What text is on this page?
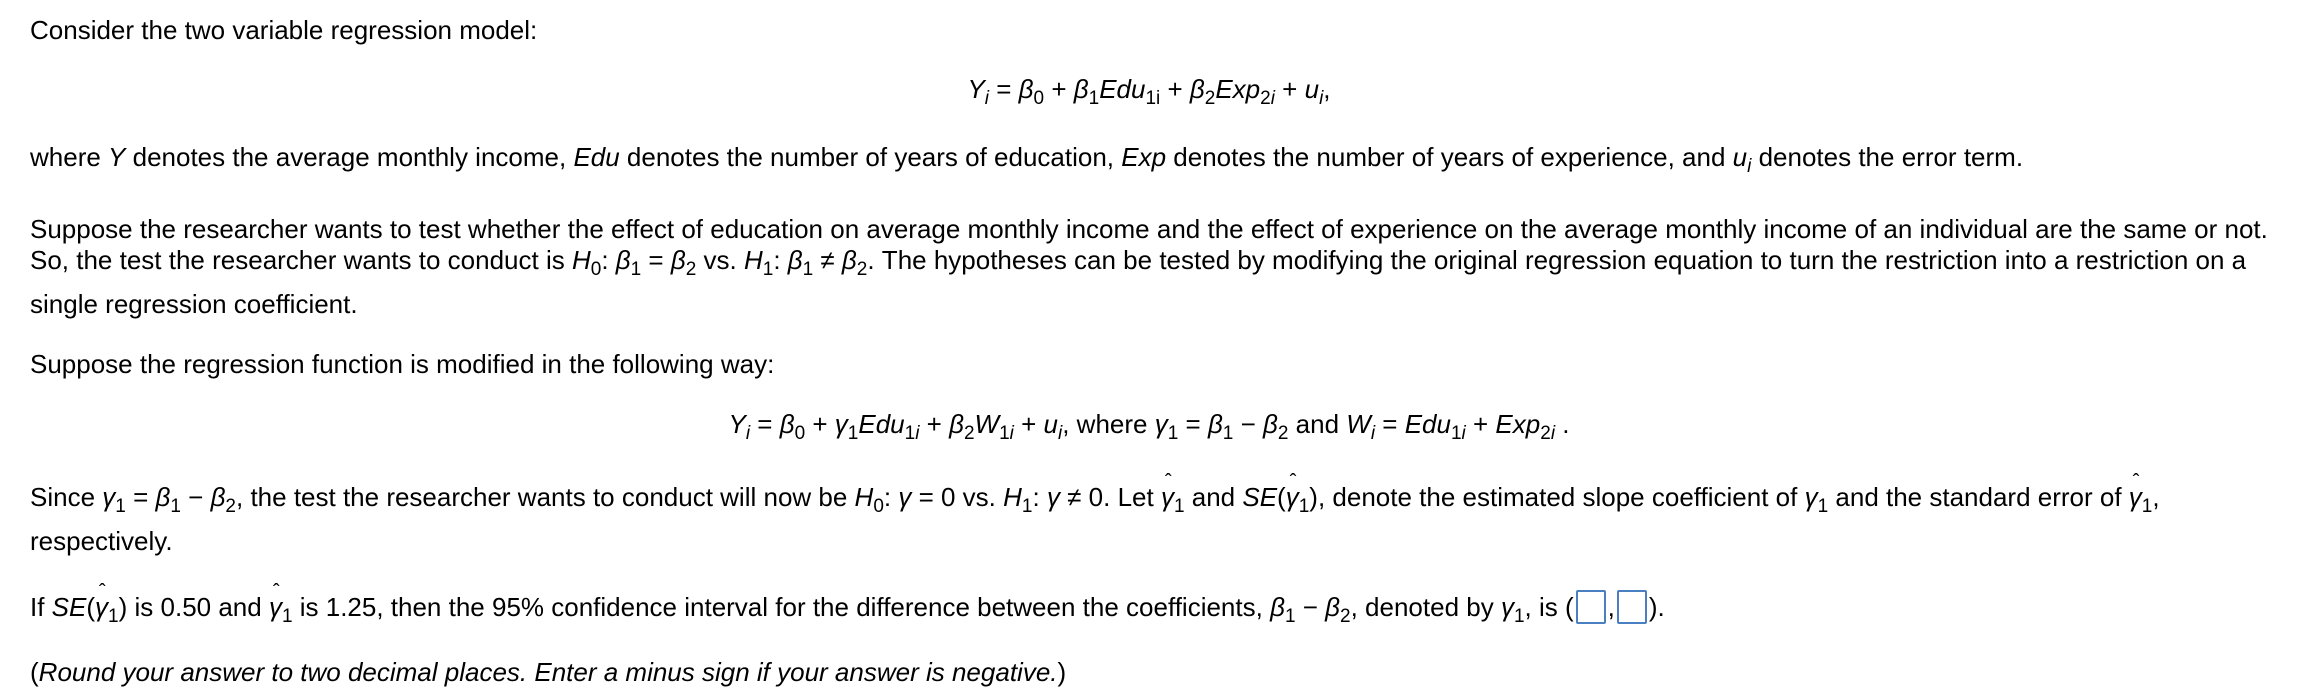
Consider the two variable regression model:
$Y_i = \beta_0 + \beta_1Edu_{1i} + \beta_2Exp_{2i} + u_i$,
where Y denotes the average monthly income, Edu denotes the number of years of education, Exp denotes the number of years of experience, and $u_i$ denotes the error term.
Suppose the researcher wants to test whether the effect of education on average monthly income and the effect of experience on the average monthly income of an individual are the same or not.
So, the test the researcher wants to conduct is $H_0$: $\beta_1 = \beta_2$ vs. $H_1$: $\beta_1 \ne \beta_2$. The hypotheses can be tested by modifying the original regression equation to turn the restriction into a restriction on a
single regression coefficient.
Suppose the regression function is modified in the following way:
$Y_i = \beta_0 + \gamma_1Edu_{1i} + \beta_2W_{1i} + u_i$, where $\gamma_1 = \beta_1 - \beta_2$ and $W_i = Edu_{1i} + Exp_{2i}$ .
Since $\gamma_1 = \beta_1 - \beta_2$, the test the researcher wants to conduct will now be $H_0$: γ = 0 vs. $H_1$: γ ≠ 0. Let ˆ $\gamma_1$ and SE(ˆ $\gamma_1$), denote the estimated slope coefficient of $\gamma_1$ and the standard error of ˆ $\gamma_1$,
respectively.
If SE(ˆ $\gamma_1$) is 0.50 and ˆ $\gamma_1$ is 1.25, then the 95% confidence interval for the difference between the coefficients, $\beta_1 - \beta_2$, denoted by $\gamma_1$, is ( , ).
(Round your answer to two decimal places. Enter a minus sign if your answer is negative.)
